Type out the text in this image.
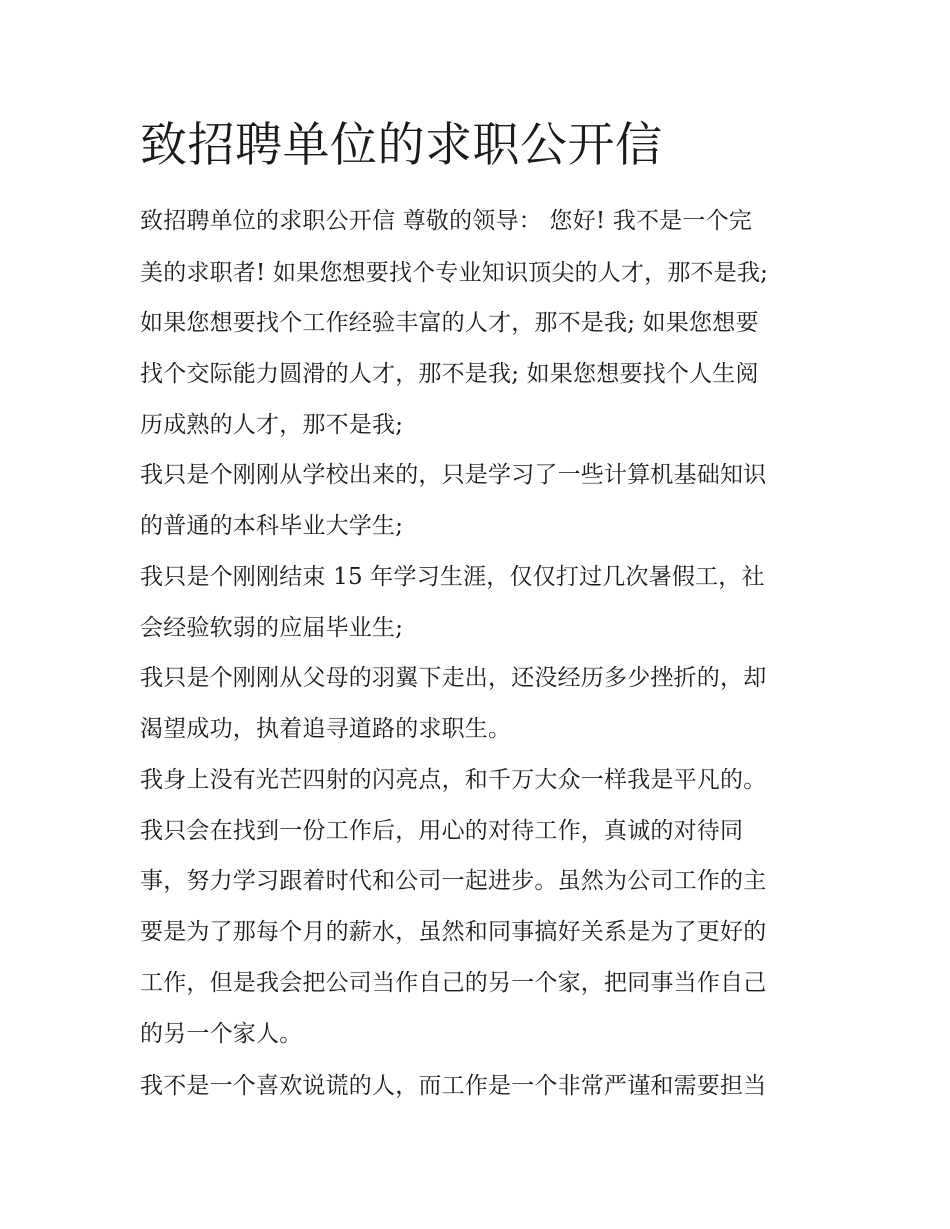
致招聘单位的求职公开信

致招聘单位的求职公开信 尊敬的领导： 您好! 我不是一个完

美的求职者! 如果您想要找个专业知识顶尖的人才，那不是我;

如果您想要找个工作经验丰富的人才，那不是我; 如果您想要

找个交际能力圆滑的人才，那不是我; 如果您想要找个人生阅

历成熟的人才，那不是我;

我只是个刚刚从学校出来的，只是学习了一些计算机基础知识

的普通的本科毕业大学生;

我只是个刚刚结束 15 年学习生涯，仅仅打过几次暑假工，社

会经验软弱的应届毕业生;

我只是个刚刚从父母的羽翼下走出，还没经历多少挫折的，却

渴望成功，执着追寻道路的求职生。

我身上没有光芒四射的闪亮点，和千万大众一样我是平凡的。

我只会在找到一份工作后，用心的对待工作，真诚的对待同

事，努力学习跟着时代和公司一起进步。虽然为公司工作的主

要是为了那每个月的薪水，虽然和同事搞好关系是为了更好的

工作，但是我会把公司当作自己的另一个家，把同事当作自己

的另一个家人。

我不是一个喜欢说谎的人，而工作是一个非常严谨和需要担当
